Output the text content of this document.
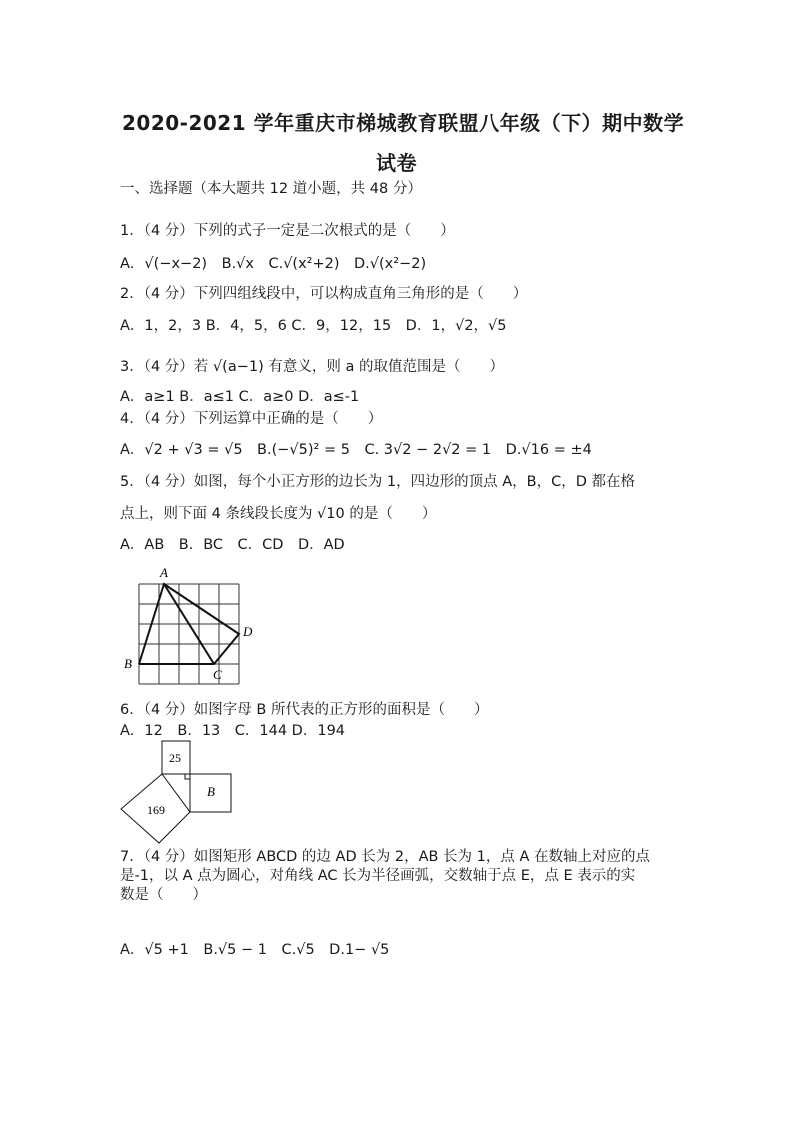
2020-2021 学年重庆市梯城教育联盟八年级（下）期中数学
试卷
一、选择题（本大题共 12 道小题，共 48 分）
1．（4 分）下列的式子一定是二次根式的是（　　）
A．√(−x−2)　B.√x　C.√(x²+2)　D.√(x²−2)
2．（4 分）下列四组线段中，可以构成直角三角形的是（　　）
A．1，2，3 B．4，5，6 C．9，12，15　D．1，√2，√5
3．（4 分）若 √(a−1) 有意义，则 a 的取值范围是（　　）
A．a≥1 B．a≤1 C．a≥0 D．a≤-1
4．（4 分）下列运算中正确的是（　　）
A．√2 + √3 = √5　B.(−√5)² = 5　C. 3√2 − 2√2 = 1　D.√16 = ±4
5．（4 分）如图，每个小正方形的边长为 1，四边形的顶点 A，B，C，D 都在格
点上，则下面 4 条线段长度为 √10 的是（　　）
A．AB　B．BC　C．CD　D．AD
A
B
C
D
6．（4 分）如图字母 B 所代表的正方形的面积是（　　）
A．12　B．13　C．144 D．194
25
169
B
7．（4 分）如图矩形 ABCD 的边 AD 长为 2，AB 长为 1，点 A 在数轴上对应的点
是-1，以 A 点为圆心，对角线 AC 长为半径画弧，交数轴于点 E，点 E 表示的实
数是（　　）
A．√5 +1　B.√5 − 1　C.√5　D.1− √5
